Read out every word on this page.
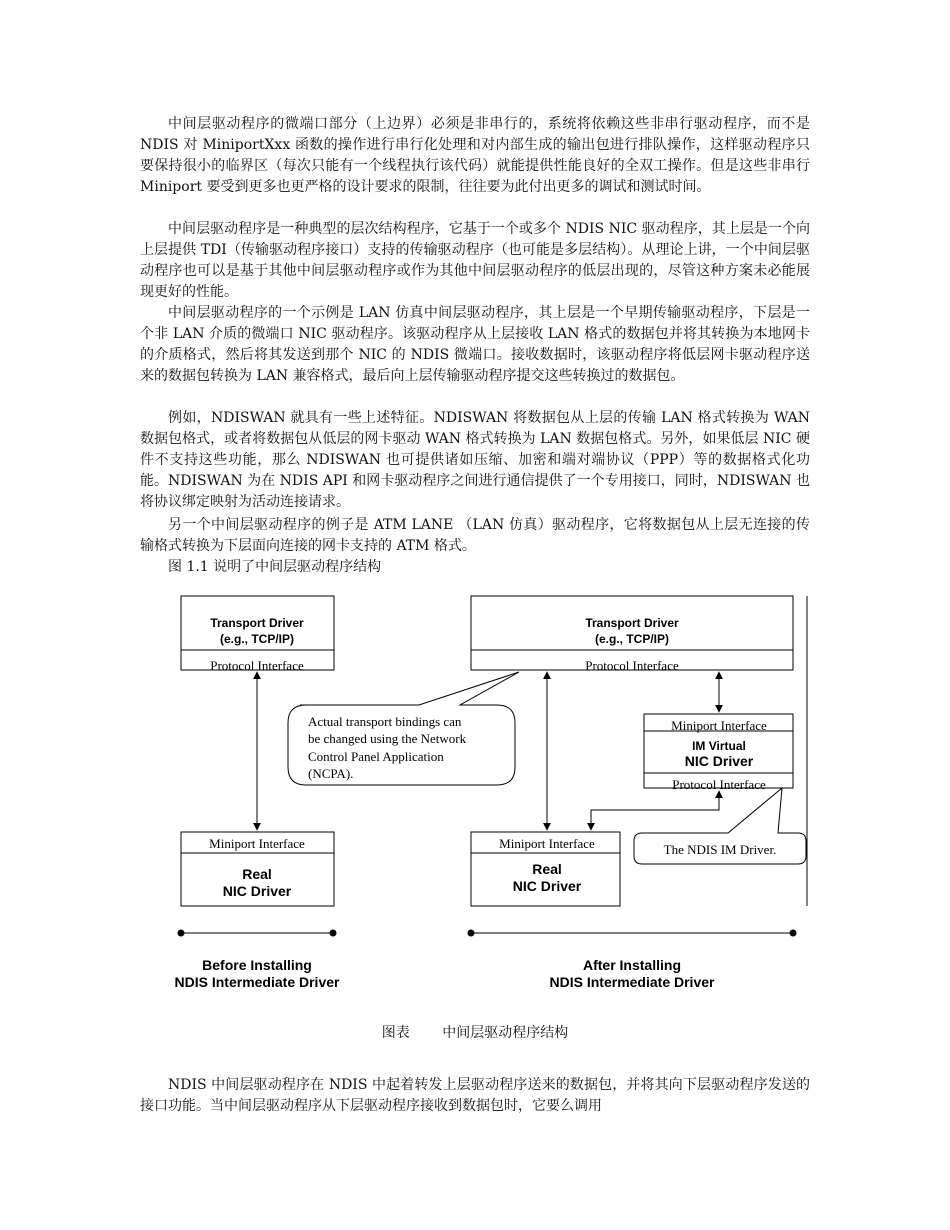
中间层驱动程序的微端口部分（上边界）必须是非串行的，系统将依赖这些非串行驱动程序，而不是 NDIS 对 MiniportXxx 函数的操作进行串行化处理和对内部生成的输出包进行排队操作，这样驱动程序只要保持很小的临界区（每次只能有一个线程执行该代码）就能提供性能良好的全双工操作。但是这些非串行 Miniport 要受到更多也更严格的设计要求的限制，往往要为此付出更多的调试和测试时间。

中间层驱动程序是一种典型的层次结构程序，它基于一个或多个 NDIS NIC 驱动程序，其上层是一个向上层提供 TDI（传输驱动程序接口）支持的传输驱动程序（也可能是多层结构）。从理论上讲，一个中间层驱动程序也可以是基于其他中间层驱动程序或作为其他中间层驱动程序的低层出现的，尽管这种方案未必能展现更好的性能。

中间层驱动程序的一个示例是 LAN 仿真中间层驱动程序，其上层是一个早期传输驱动程序，下层是一个非 LAN 介质的微端口 NIC 驱动程序。该驱动程序从上层接收 LAN 格式的数据包并将其转换为本地网卡的介质格式，然后将其发送到那个 NIC 的 NDIS 微端口。接收数据时，该驱动程序将低层网卡驱动程序送来的数据包转换为 LAN 兼容格式，最后向上层传输驱动程序提交这些转换过的数据包。

例如，NDISWAN 就具有一些上述特征。NDISWAN 将数据包从上层的传输 LAN 格式转换为 WAN 数据包格式，或者将数据包从低层的网卡驱动 WAN 格式转换为 LAN 数据包格式。另外，如果低层 NIC 硬件不支持这些功能，那么 NDISWAN 也可提供诸如压缩、加密和端对端协议（PPP）等的数据格式化功能。NDISWAN 为在 NDIS API 和网卡驱动程序之间进行通信提供了一个专用接口，同时，NDISWAN 也将协议绑定映射为活动连接请求。

另一个中间层驱动程序的例子是 ATM LANE （LAN 仿真）驱动程序，它将数据包从上层无连接的传输格式转换为下层面向连接的网卡支持的 ATM 格式。

图 1.1 说明了中间层驱动程序结构

Transport Driver
(e.g., TCP/IP)
Protocol Interface
Miniport Interface
Real
NIC Driver
Transport Driver
(e.g., TCP/IP)
Protocol Interface
Miniport Interface
IM Virtual
NIC Driver
Protocol Interface
Miniport Interface
Real
NIC Driver
Actual transport bindings can
be changed using the Network
Control Panel Application
(NCPA).
The NDIS IM Driver.
Before Installing
NDIS Intermediate Driver
After Installing
NDIS Intermediate Driver
图表 中间层驱动程序结构

NDIS 中间层驱动程序在 NDIS 中起着转发上层驱动程序送来的数据包，并将其向下层驱动程序发送的接口功能。当中间层驱动程序从下层驱动程序接收到数据包时，它要么调用
